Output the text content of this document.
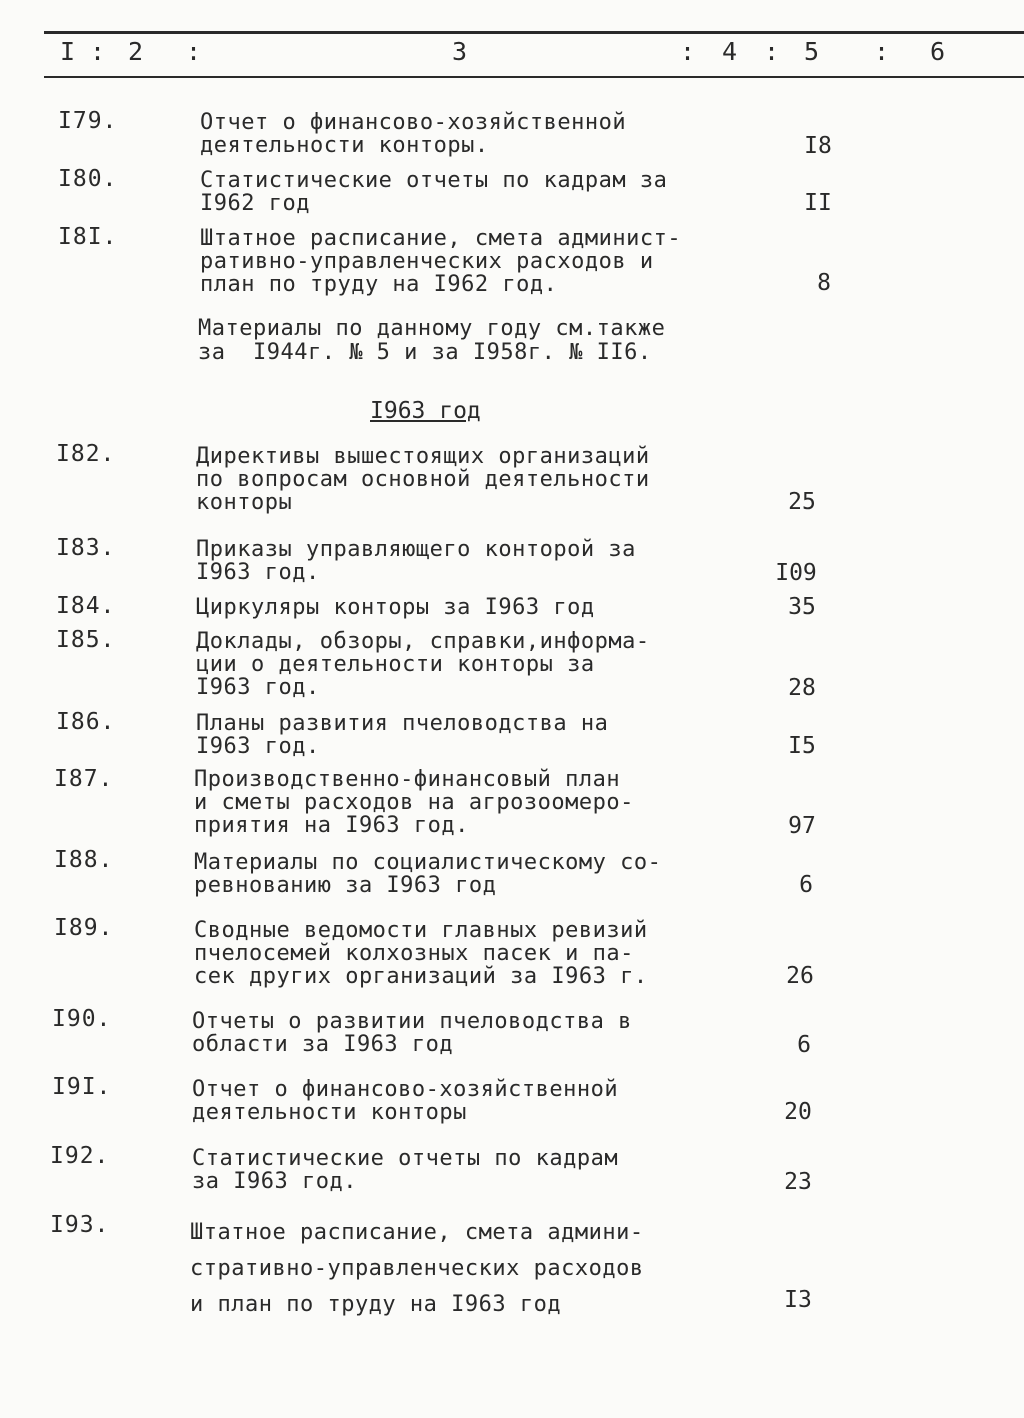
I : 2 :	3	: 4 : 5 : 6
I79.	Отчет о финансово-хозяйственной
деятельности конторы.	I8
I80.	Статистические отчеты по кадрам за
I962 год	II
I8I.	Штатное расписание, смета админист-
ративно-управленческих расходов и
план по труду на I962 год.	8
Материалы по данному году см.также
за  I944г. № 5 и за I958г. № II6.
I963 год
I82.	Директивы вышестоящих организаций
по вопросам основной деятельности
конторы	25
I83.	Приказы управляющего конторой за
I963 год.	I09
I84.	Циркуляры конторы за I963 год	35
I85.	Доклады, обзоры, справки,информа-
ции о деятельности конторы за
I963 год.	28
I86.	Планы развития пчеловодства на
I963 год.	I5
I87.	Производственно-финансовый план
и сметы расходов на агрозоомеро-
приятия на I963 год.	97
I88.	Материалы по социалистическому со-
ревнованию за I963 год	6
I89.	Сводные ведомости главных ревизий
пчелосемей колхозных пасек и па-
сек других организаций за I963 г.	26
I90.	Отчеты о развитии пчеловодства в
области за I963 год	6
I9I.	Отчет о финансово-хозяйственной
деятельности конторы	20
I92.	Статистические отчеты по кадрам
за I963 год.	23
I93.	Штатное расписание, смета админи-
стративно-управленческих расходов
и план по труду на I963 год	I3
